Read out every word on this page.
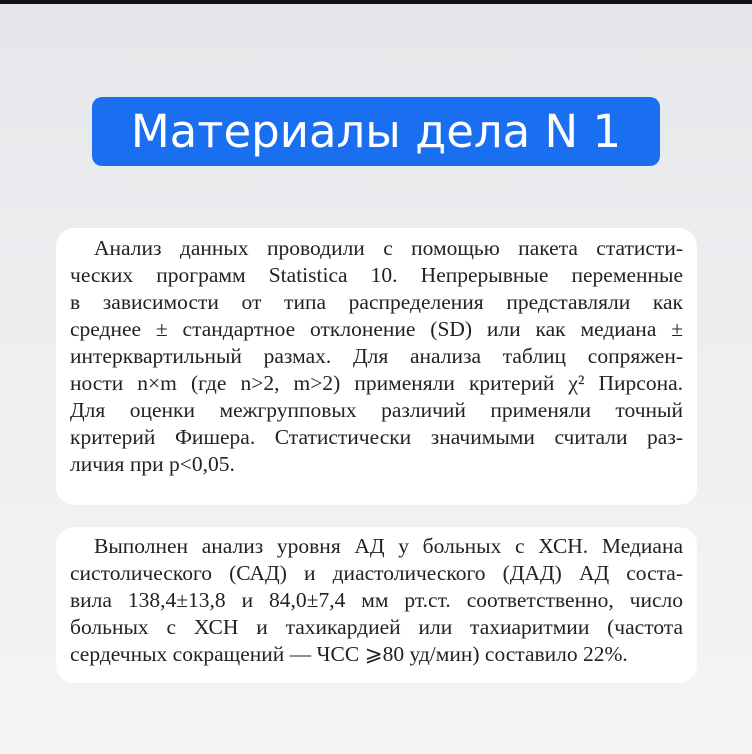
Материалы дела N 1
Анализ данных проводили с помощью пакета статисти-
ческих программ Statistica 10. Непрерывные переменные
в зависимости от типа распределения представляли как
среднее ± стандартное отклонение (SD) или как медиана ±
интерквартильный размах. Для анализа таблиц сопряжен-
ности n×m (где n>2, m>2) применяли критерий χ² Пирсона.
Для оценки межгрупповых различий применяли точный
критерий Фишера. Статистически значимыми считали раз-
личия при p<0,05.
Выполнен анализ уровня АД у больных с ХСН. Медиана
систолического (САД) и диастолического (ДАД) АД соста-
вила 138,4±13,8 и 84,0±7,4 мм рт.ст. соответственно, число
больных с ХСН и тахикардией или тахиаритмии (частота
сердечных сокращений — ЧСС ⩾80 уд/мин) составило 22%.
